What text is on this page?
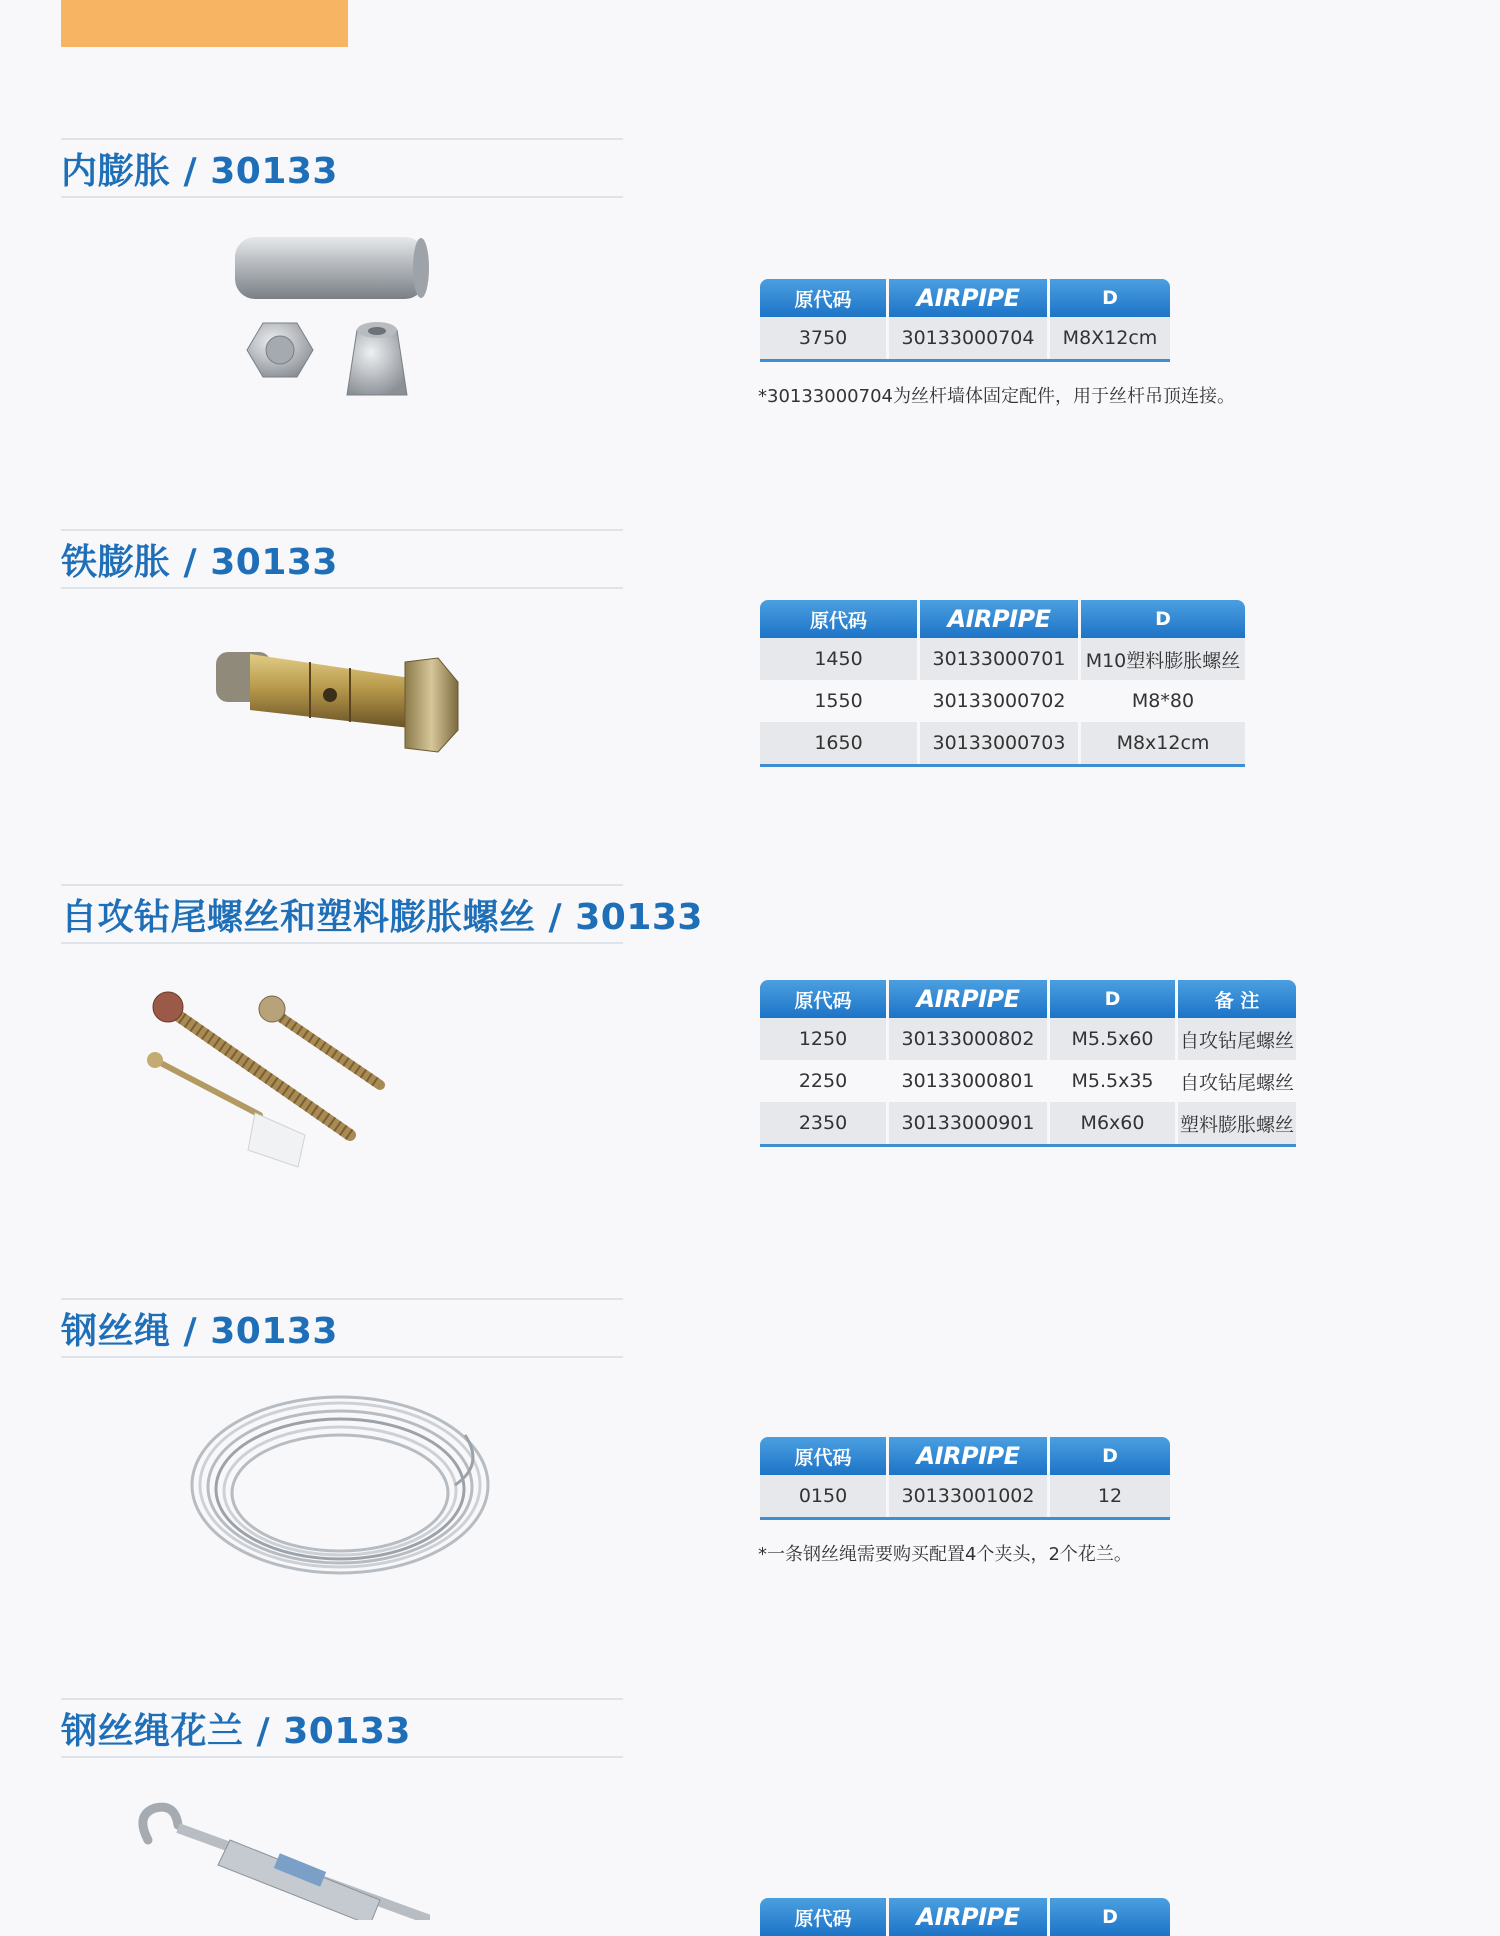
内膨胀 / 30133
原代码	AIRPIPE	D
3750	30133000704	M8X12cm
*30133000704为丝杆墙体固定配件，用于丝杆吊顶连接。
铁膨胀 / 30133
原代码	AIRPIPE	D
1450	30133000701	M10塑料膨胀螺丝
1550	30133000702	M8*80
1650	30133000703	M8x12cm
自攻钻尾螺丝和塑料膨胀螺丝 / 30133
原代码	AIRPIPE	D	备 注
1250	30133000802	M5.5x60	自攻钻尾螺丝
2250	30133000801	M5.5x35	自攻钻尾螺丝
2350	30133000901	M6x60	塑料膨胀螺丝
钢丝绳 / 30133
原代码	AIRPIPE	D
0150	30133001002	12
*一条钢丝绳需要购买配置4个夹头，2个花兰。
钢丝绳花兰 / 30133
原代码	AIRPIPE	D
